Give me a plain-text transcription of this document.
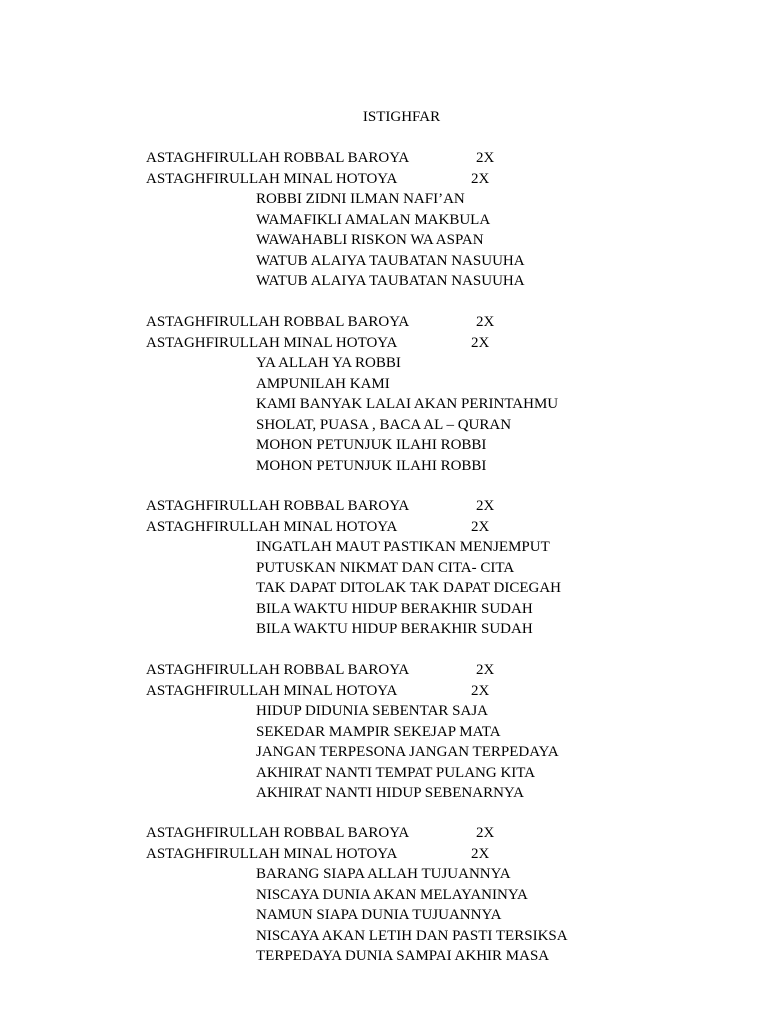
ISTIGHFAR
ASTAGHFIRULLAH ROBBAL BAROYA	2X
ASTAGHFIRULLAH MINAL HOTOYA	2X
ROBBI ZIDNI ILMAN NAFI’AN
WAMAFIKLI AMALAN MAKBULA
WAWAHABLI RISKON WA ASPAN
WATUB ALAIYA TAUBATAN NASUUHA
WATUB ALAIYA TAUBATAN NASUUHA
ASTAGHFIRULLAH ROBBAL BAROYA	2X
ASTAGHFIRULLAH MINAL HOTOYA	2X
YA ALLAH YA ROBBI
AMPUNILAH KAMI
KAMI BANYAK LALAI AKAN PERINTAHMU
SHOLAT, PUASA , BACA AL – QURAN
MOHON PETUNJUK ILAHI ROBBI
MOHON PETUNJUK ILAHI ROBBI
ASTAGHFIRULLAH ROBBAL BAROYA	2X
ASTAGHFIRULLAH MINAL HOTOYA	2X
INGATLAH MAUT PASTIKAN MENJEMPUT
PUTUSKAN NIKMAT DAN CITA- CITA
TAK DAPAT DITOLAK TAK DAPAT DICEGAH
BILA WAKTU HIDUP BERAKHIR SUDAH
BILA WAKTU HIDUP BERAKHIR SUDAH
ASTAGHFIRULLAH ROBBAL BAROYA	2X
ASTAGHFIRULLAH MINAL HOTOYA	2X
HIDUP DIDUNIA SEBENTAR SAJA
SEKEDAR MAMPIR SEKEJAP MATA
JANGAN TERPESONA JANGAN TERPEDAYA
AKHIRAT NANTI TEMPAT PULANG KITA
AKHIRAT NANTI HIDUP SEBENARNYA
ASTAGHFIRULLAH ROBBAL BAROYA	2X
ASTAGHFIRULLAH MINAL HOTOYA	2X
BARANG SIAPA ALLAH TUJUANNYA
NISCAYA DUNIA AKAN MELAYANINYA
NAMUN SIAPA DUNIA TUJUANNYA
NISCAYA AKAN LETIH DAN PASTI TERSIKSA
TERPEDAYA DUNIA SAMPAI AKHIR MASA
